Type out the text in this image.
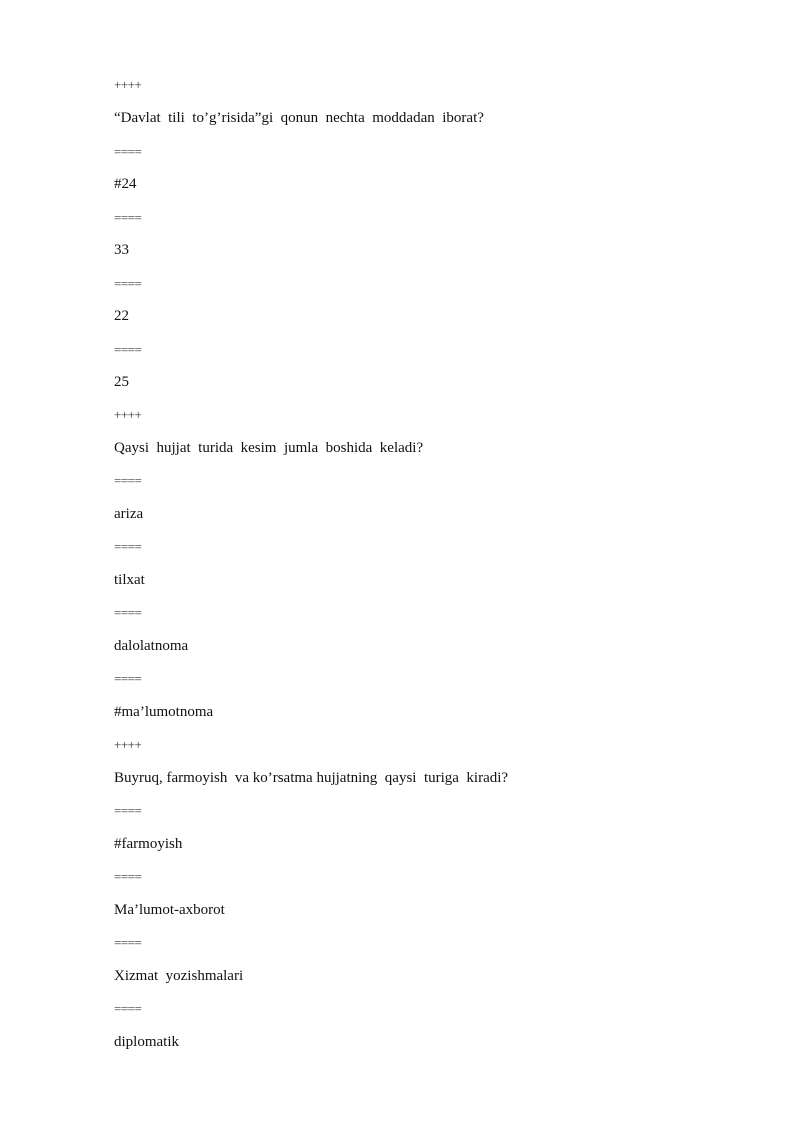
++++

“Davlat  tili  to’g’risida”gi  qonun  nechta  moddadan  iborat?

====

#24

====

33

====

22

====

25

++++

Qaysi  hujjat  turida  kesim  jumla  boshida  keladi?

====

ariza

====

tilxat

====

dalolatnoma

====

#ma’lumotnoma

++++

Buyruq, farmoyish  va ko’rsatma hujjatning  qaysi  turiga  kiradi?

====

#farmoyish

====

Ma’lumot-axborot

====

Xizmat  yozishmalari

====

diplomatik
